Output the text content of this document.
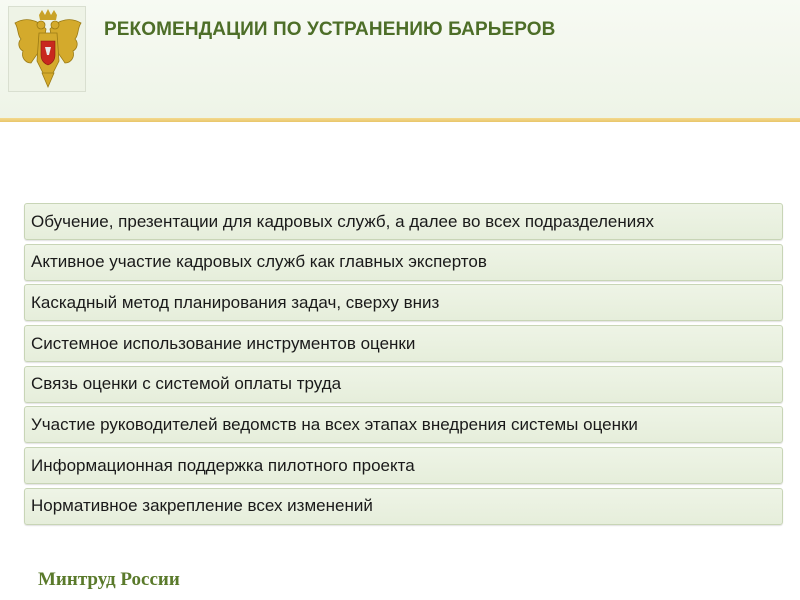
РЕКОМЕНДАЦИИ ПО УСТРАНЕНИЮ БАРЬЕРОВ
Обучение, презентации для кадровых служб, а далее во всех подразделениях
Активное участие кадровых служб как главных экспертов
Каскадный метод планирования задач, сверху вниз
Системное использование инструментов оценки
Связь оценки с системой оплаты труда
Участие руководителей ведомств на всех этапах внедрения системы оценки
Информационная поддержка пилотного проекта
Нормативное закрепление всех изменений
Минтруд России
